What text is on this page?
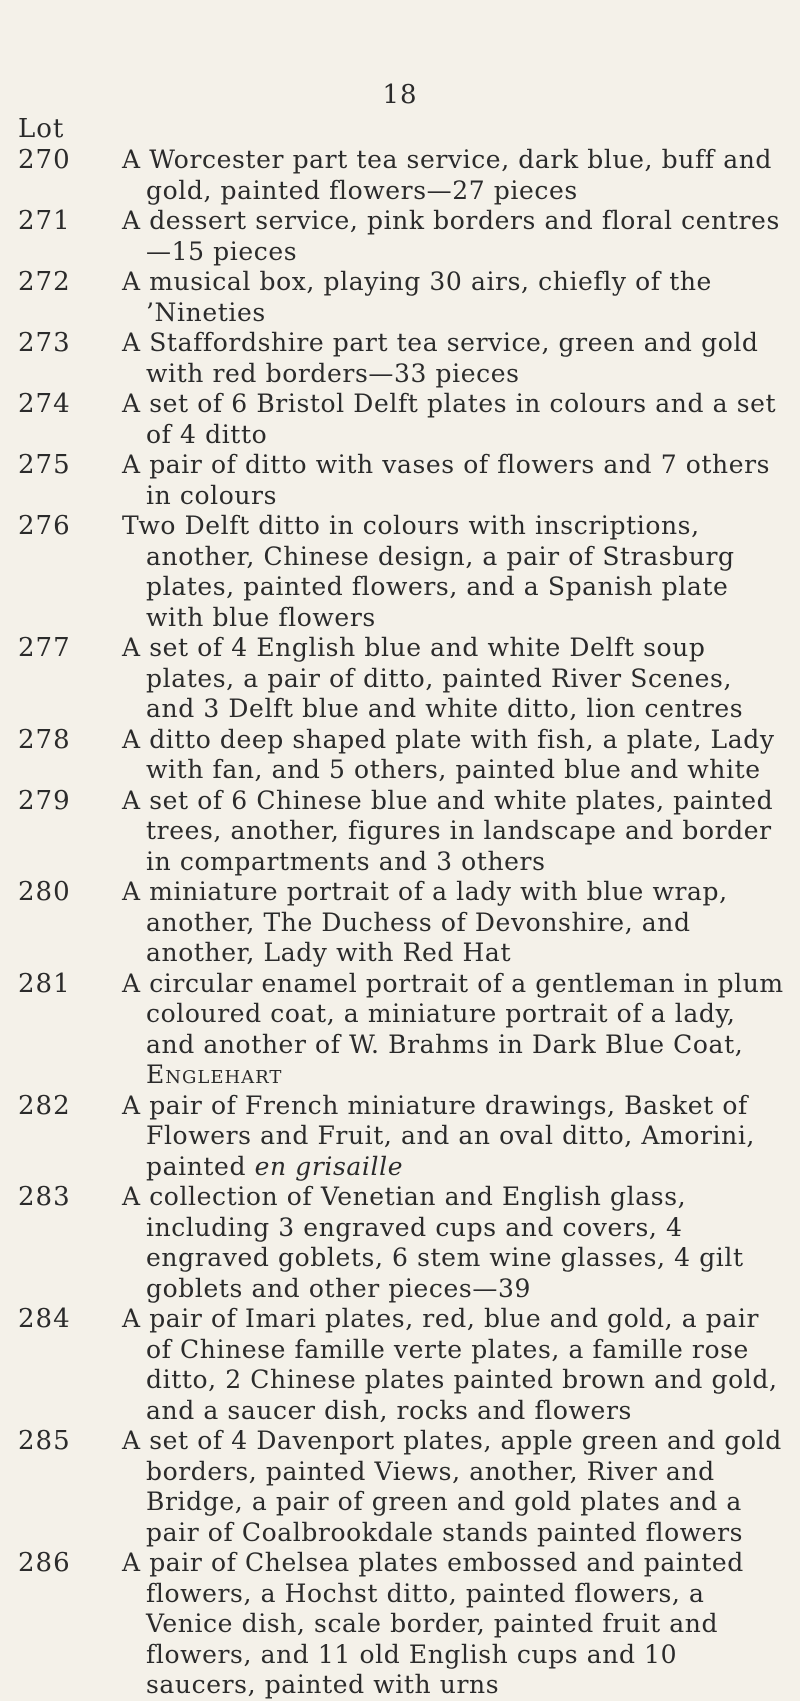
18
Lot
270	A Worcester part tea service, dark blue, buff and gold, painted flowers—27 pieces
271	A dessert service, pink borders and floral centres—15 pieces
272	A musical box, playing 30 airs, chiefly of the ’Nineties
273	A Staffordshire part tea service, green and gold with red borders—33 pieces
274	A set of 6 Bristol Delft plates in colours and a set of 4 ditto
275	A pair of ditto with vases of flowers and 7 others in colours
276	Two Delft ditto in colours with inscriptions, another, Chinese design, a pair of Strasburg plates, painted flowers, and a Spanish plate with blue flowers
277	A set of 4 English blue and white Delft soup plates, a pair of ditto, painted River Scenes, and 3 Delft blue and white ditto, lion centres
278	A ditto deep shaped plate with fish, a plate, Lady with fan, and 5 others, painted blue and white
279	A set of 6 Chinese blue and white plates, painted trees, another, figures in landscape and border in compartments and 3 others
280	A miniature portrait of a lady with blue wrap, another, The Duchess of Devonshire, and another, Lady with Red Hat
281	A circular enamel portrait of a gentleman in plum coloured coat, a miniature portrait of a lady, and another of W. Brahms in Dark Blue Coat, Englehart
282	A pair of French miniature drawings, Basket of Flowers and Fruit, and an oval ditto, Amorini, painted en grisaille
283	A collection of Venetian and English glass, including 3 engraved cups and covers, 4 engraved goblets, 6 stem wine glasses, 4 gilt goblets and other pieces—39
284	A pair of Imari plates, red, blue and gold, a pair of Chinese famille verte plates, a famille rose ditto, 2 Chinese plates painted brown and gold, and a saucer dish, rocks and flowers
285	A set of 4 Davenport plates, apple green and gold borders, painted Views, another, River and Bridge, a pair of green and gold plates and a pair of Coalbrookdale stands painted flowers
286	A pair of Chelsea plates embossed and painted flowers, a Hochst ditto, painted flowers, a Venice dish, scale border, painted fruit and flowers, and 11 old English cups and 10 saucers, painted with urns
